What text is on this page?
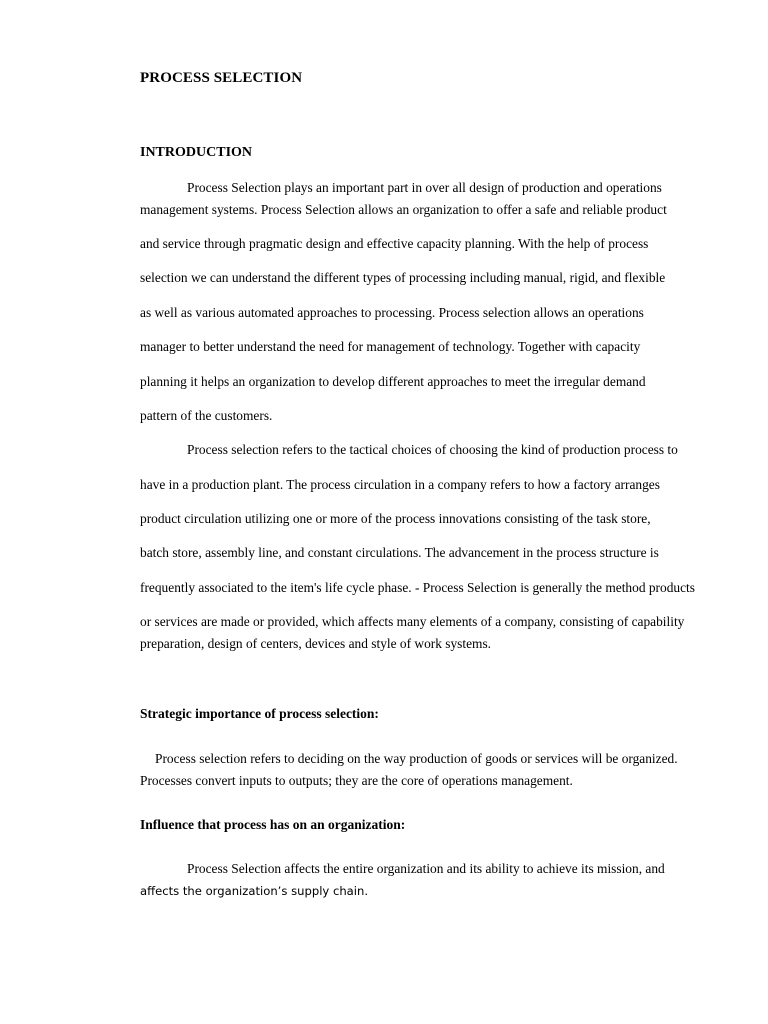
PROCESS SELECTION
INTRODUCTION
Process Selection plays an important part in over all design of production and operations
management systems. Process Selection allows an organization to offer a safe and reliable product
and service through pragmatic design and effective capacity planning. With the help of process
selection we can understand the different types of processing including manual, rigid, and flexible
as well as various automated approaches to processing. Process selection allows an operations
manager to better understand the need for management of technology. Together with capacity
planning it helps an organization to develop different approaches to meet the irregular demand
pattern of the customers.
Process selection refers to the tactical choices of choosing the kind of production process to
have in a production plant. The process circulation in a company refers to how a factory arranges
product circulation utilizing one or more of the process innovations consisting of the task store,
batch store, assembly line, and constant circulations. The advancement in the process structure is
frequently associated to the item's life cycle phase. - Process Selection is generally the method products
or services are made or provided, which affects many elements of a company, consisting of capability
preparation, design of centers, devices and style of work systems.
Strategic importance of process selection:
Process selection refers to deciding on the way production of goods or services will be organized.
Processes convert inputs to outputs; they are the core of operations management.
Influence that process has on an organization:
Process Selection affects the entire organization and its ability to achieve its mission, and
affects the organization’s supply chain.
